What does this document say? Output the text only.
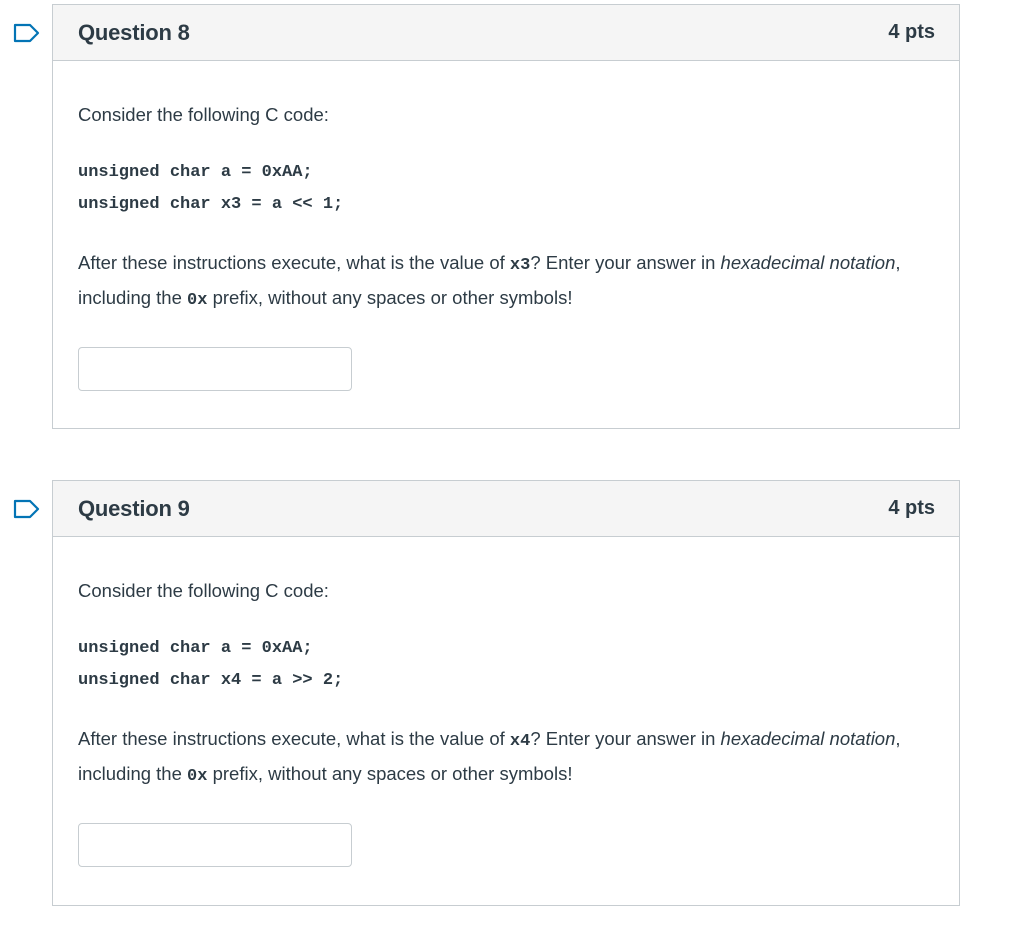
Question 8	4 pts

Consider the following C code:

unsigned char a = 0xAA;
unsigned char x3 = a << 1;

After these instructions execute, what is the value of x3? Enter your answer in hexadecimal notation, including the 0x prefix, without any spaces or other symbols!

Question 9	4 pts

Consider the following C code:

unsigned char a = 0xAA;
unsigned char x4 = a >> 2;

After these instructions execute, what is the value of x4? Enter your answer in hexadecimal notation, including the 0x prefix, without any spaces or other symbols!
